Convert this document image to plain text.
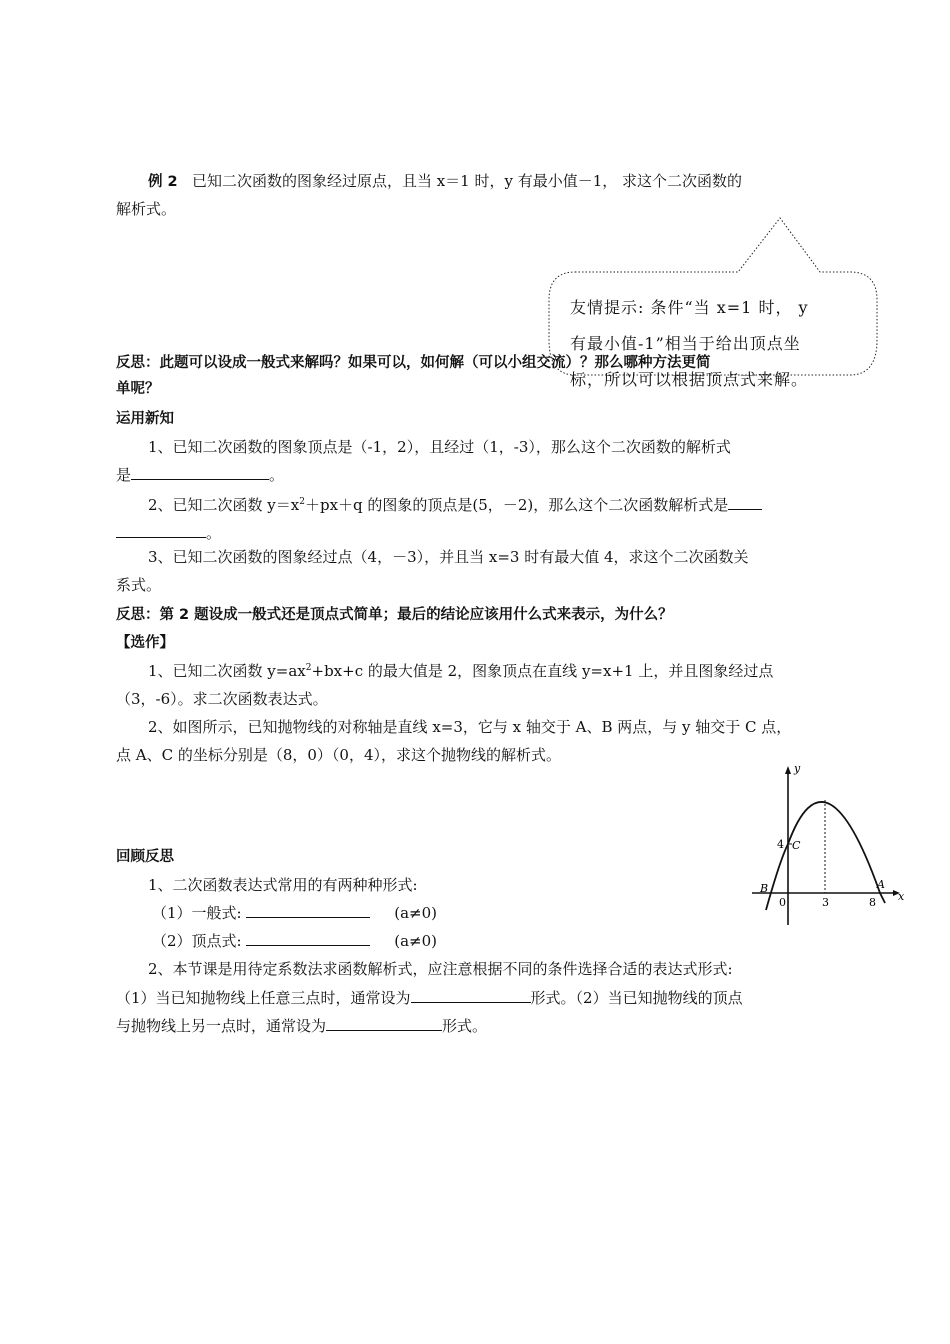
例 2 已知二次函数的图象经过原点，且当 x＝1 时，y 有最小值－1， 求这个二次函数的
解析式。
友情提示: 条件“当 x=1 时， y
有最小值-1”相当于给出顶点坐
标，所以可以根据顶点式来解。
反思：此题可以设成一般式来解吗？如果可以，如何解（可以小组交流）？那么哪种方法更简
单呢？
运用新知
1、已知二次函数的图象顶点是（-1，2），且经过（1，-3），那么这个二次函数的解析式
是	。
2、已知二次函数 $y=x^2+px+q$ 的图象的顶点是(5，－2)，那么这个二次函数解析式是
。
3、已知二次函数的图象经过点（4，－3），并且当 x=3 时有最大值 4，求这个二次函数关
系式。
反思：第 2 题设成一般式还是顶点式简单；最后的结论应该用什么式来表示，为什么？
【选作】
1、已知二次函数 $y=ax^2+bx+c$ 的最大值是 2，图象顶点在直线 y=x+1 上，并且图象经过点
（3，-6）。求二次函数表达式。
2、如图所示，已知抛物线的对称轴是直线 x=3，它与 x 轴交于 A、B 两点，与 y 轴交于 C 点，
点 A、C 的坐标分别是（8，0）（0，4），求这个抛物线的解析式。
y
x
B
C
A
4
0	3	8
回顾反思
1、二次函数表达式常用的有两种种形式:
（1）一般式:	(a≠0)
（2）顶点式:	(a≠0)
2、本节课是用待定系数法求函数解析式，应注意根据不同的条件选择合适的表达式形式:
（1）当已知抛物线上任意三点时，通常设为	形式。（2）当已知抛物线的顶点
与抛物线上另一点时，通常设为	形式。
